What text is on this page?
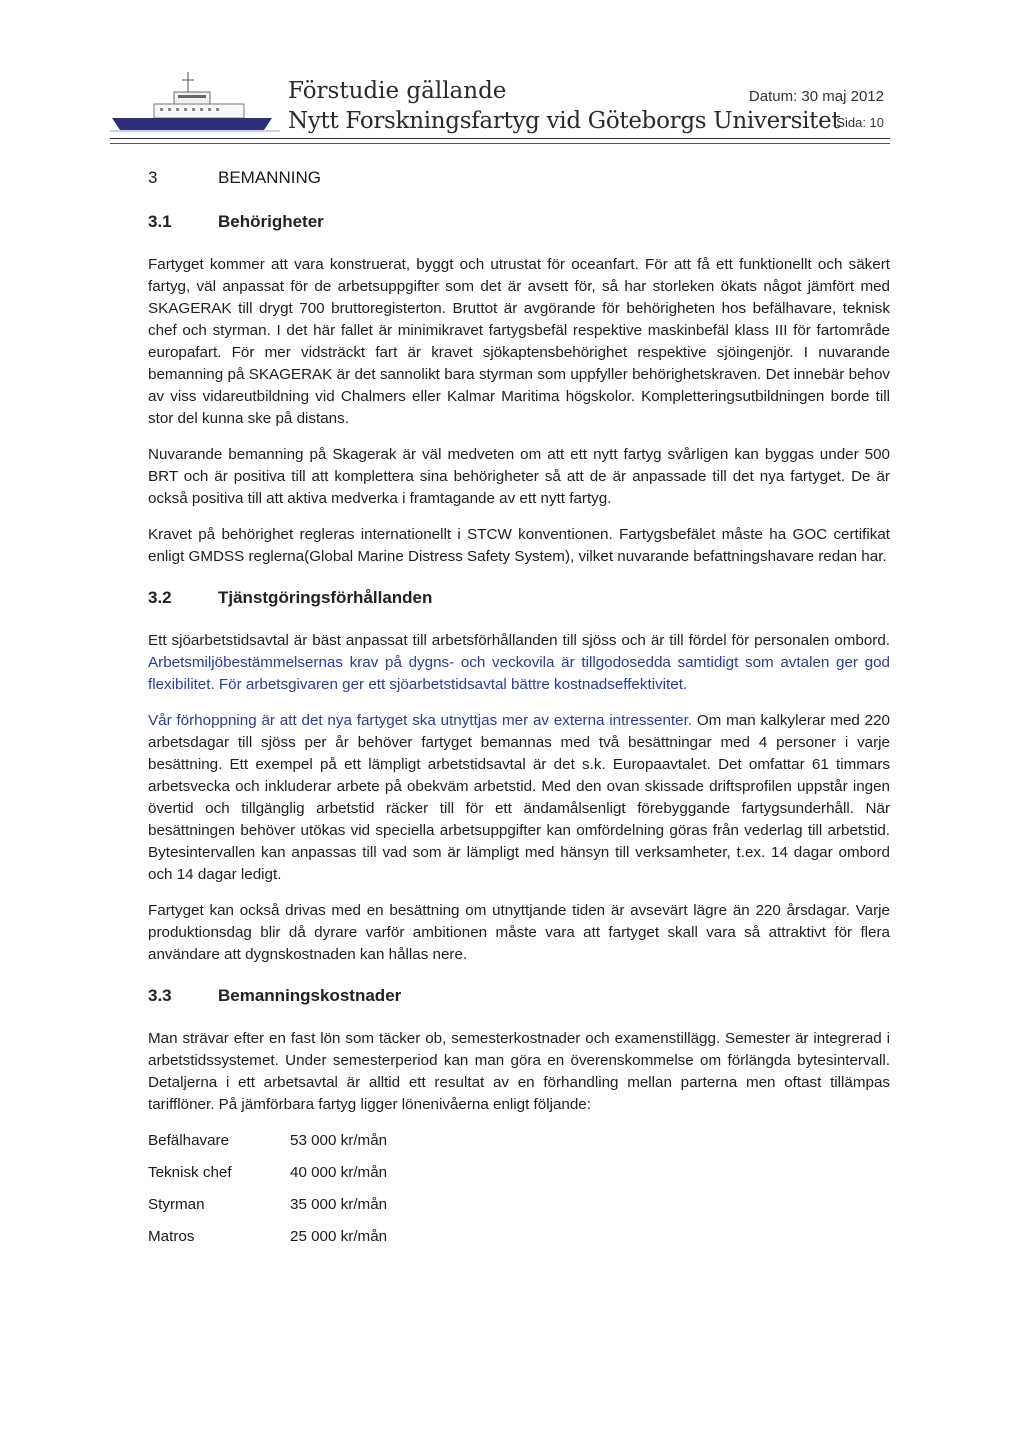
Förstudie gällande
Nytt Forskningsfartyg vid Göteborgs Universitet
Datum: 30 maj 2012
Sida: 10
3	BEMANNING
3.1	Behörigheter

Fartyget kommer att vara konstruerat, byggt och utrustat för oceanfart. För att få ett funktionellt och säkert fartyg, väl anpassat för de arbetsuppgifter som det är avsett för, så har storleken ökats något jämfört med SKAGERAK till drygt 700 bruttoregisterton. Bruttot är avgörande för behörigheten hos befälhavare, teknisk chef och styrman. I det här fallet är minimikravet fartygsbefäl respektive maskinbefäl klass III för fartområde europafart. För mer vidsträckt fart är kravet sjökaptensbehörighet respektive sjöingenjör. I nuvarande bemanning på SKAGERAK är det sannolikt bara styrman som uppfyller behörighetskraven. Det innebär behov av viss vidareutbildning vid Chalmers eller Kalmar Maritima högskolor. Kompletteringsutbildningen borde till stor del kunna ske på distans.

Nuvarande bemanning på Skagerak är väl medveten om att ett nytt fartyg svårligen kan byggas under 500 BRT och är positiva till att komplettera sina behörigheter så att de är anpassade till det nya fartyget. De är också positiva till att aktiva medverka i framtagande av ett nytt fartyg.

Kravet på behörighet regleras internationellt i STCW konventionen. Fartygsbefälet måste ha GOC certifikat enligt GMDSS reglerna(Global Marine Distress Safety System), vilket nuvarande befattningshavare redan har.

3.2	Tjänstgöringsförhållanden

Ett sjöarbetstidsavtal är bäst anpassat till arbetsförhållanden till sjöss och är till fördel för personalen ombord. Arbetsmiljöbestämmelsernas krav på dygns- och veckovila är tillgodosedda samtidigt som avtalen ger god flexibilitet. För arbetsgivaren ger ett sjöarbetstidsavtal bättre kostnadseffektivitet.

Vår förhoppning är att det nya fartyget ska utnyttjas mer av externa intressenter. Om man kalkylerar med 220 arbetsdagar till sjöss per år behöver fartyget bemannas med två besättningar med 4 personer i varje besättning. Ett exempel på ett lämpligt arbetstidsavtal är det s.k. Europaavtalet. Det omfattar 61 timmars arbetsvecka och inkluderar arbete på obekväm arbetstid. Med den ovan skissade driftsprofilen uppstår ingen övertid och tillgänglig arbetstid räcker till för ett ändamålsenligt förebyggande fartygsunderhåll. När besättningen behöver utökas vid speciella arbetsuppgifter kan omfördelning göras från vederlag till arbetstid. Bytesintervallen kan anpassas till vad som är lämpligt med hänsyn till verksamheter, t.ex. 14 dagar ombord och 14 dagar ledigt.

Fartyget kan också drivas med en besättning om utnyttjande tiden är avsevärt lägre än 220 årsdagar. Varje produktionsdag blir då dyrare varför ambitionen måste vara att fartyget skall vara så attraktivt för flera användare att dygnskostnaden kan hållas nere.

3.3	Bemanningskostnader

Man strävar efter en fast lön som täcker ob, semesterkostnader och examenstillägg. Semester är integrerad i arbetstidssystemet. Under semesterperiod kan man göra en överenskommelse om förlängda bytesintervall. Detaljerna i ett arbetsavtal är alltid ett resultat av en förhandling mellan parterna men oftast tillämpas tarifflöner. På jämförbara fartyg ligger lönenivåerna enligt följande:

Befälhavare	53 000 kr/mån
Teknisk chef	40 000 kr/mån
Styrman	35 000 kr/mån
Matros	25 000 kr/mån
